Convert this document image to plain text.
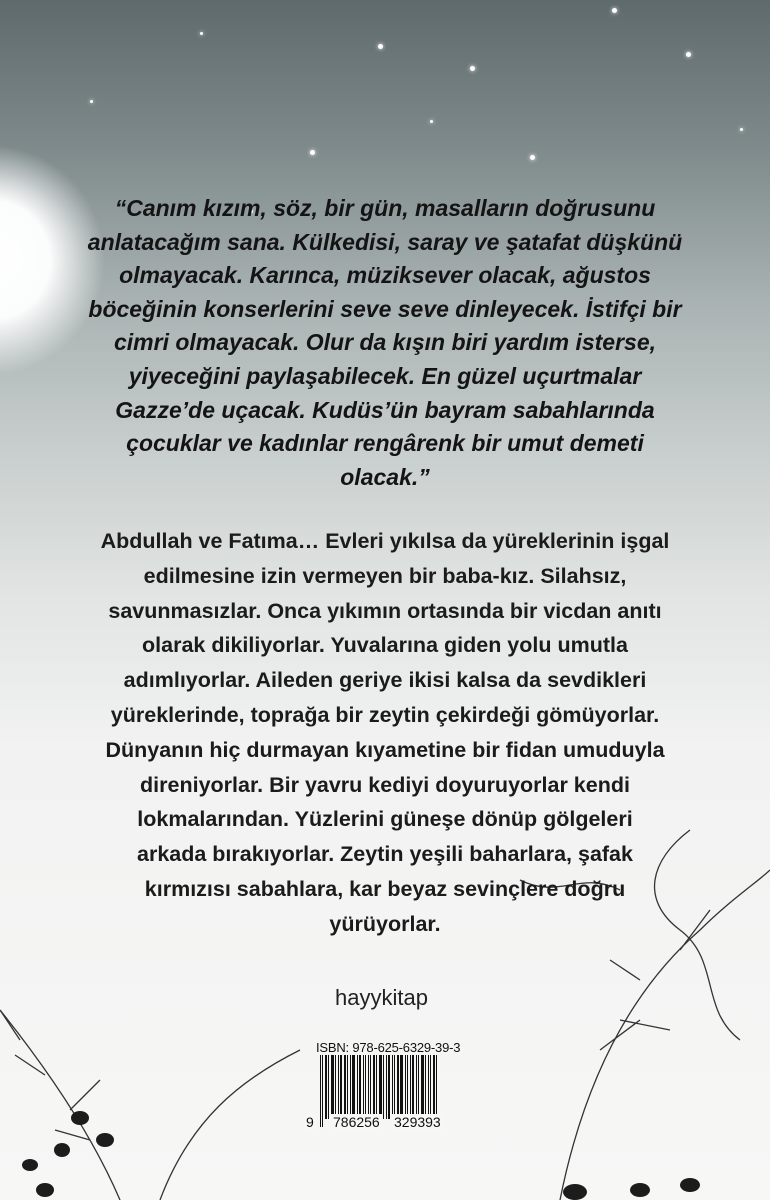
“Canım kızım, söz, bir gün, masalların doğrusunu
anlatacağım sana. Külkedisi, saray ve şatafat düşkünü
olmayacak. Karınca, müziksever olacak, ağustos
böceğinin konserlerini seve seve dinleyecek. İstifçi bir
cimri olmayacak. Olur da kışın biri yardım isterse,
yiyeceğini paylaşabilecek. En güzel uçurtmalar
Gazze’de uçacak. Kudüs’ün bayram sabahlarında
çocuklar ve kadınlar rengârenk bir umut demeti
olacak.”
Abdullah ve Fatıma… Evleri yıkılsa da yüreklerinin işgal
edilmesine izin vermeyen bir baba-kız. Silahsız,
savunmasızlar. Onca yıkımın ortasında bir vicdan anıtı
olarak dikiliyorlar. Yuvalarına giden yolu umutla
adımlıyorlar. Aileden geriye ikisi kalsa da sevdikleri
yüreklerinde, toprağa bir zeytin çekirdeği gömüyorlar.
Dünyanın hiç durmayan kıyametine bir fidan umuduyla
direniyorlar. Bir yavru kediyi doyuruyorlar kendi
lokmalarından. Yüzlerini güneşe dönüp gölgeleri
arkada bırakıyorlar. Zeytin yeşili baharlara, şafak
kırmızısı sabahlara, kar beyaz sevinçlere doğru
yürüyorlar.
hayykitap
ISBN: 978-625-6329-39-3
9 786256 329393
